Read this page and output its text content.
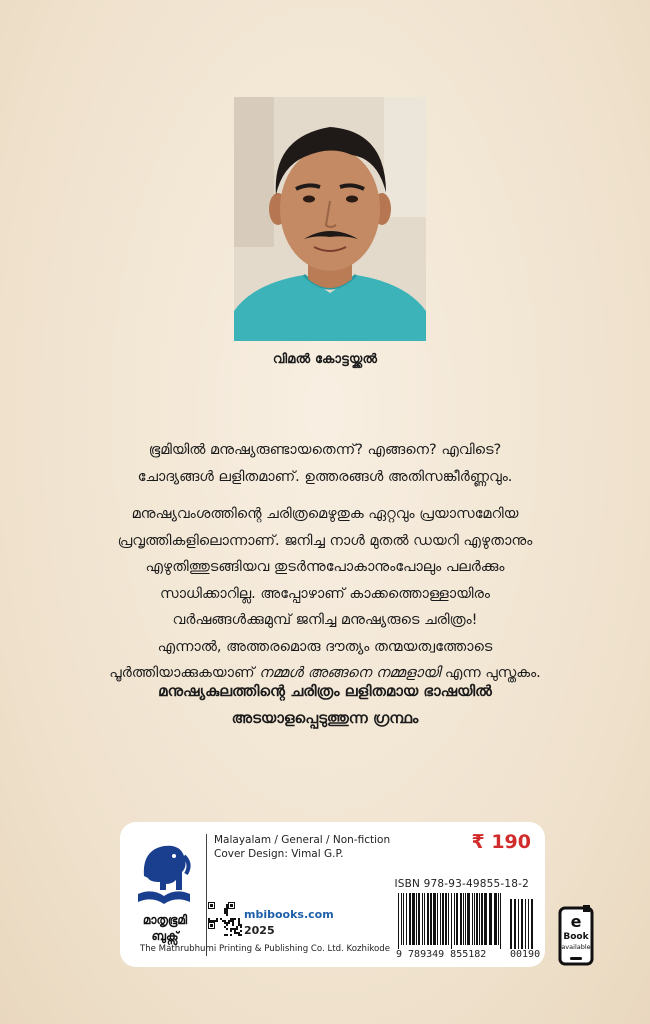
വിമൽ കോട്ടയ്ക്കൽ

ഭൂമിയിൽ മനുഷ്യരുണ്ടായതെന്ന്? എങ്ങനെ? എവിടെ?
ചോദ്യങ്ങൾ ലളിതമാണ്. ഉത്തരങ്ങൾ അതിസങ്കീർണ്ണവും.

മനുഷ്യവംശത്തിന്റെ ചരിത്രമെഴുതുക ഏറ്റവും പ്രയാസമേറിയ
പ്രവൃത്തികളിലൊന്നാണ്. ജനിച്ച നാൾ മുതൽ ഡയറി എഴുതാനും
എഴുതിത്തുടങ്ങിയവ തുടർന്നുപോകാനുംപോലും പലർക്കും
സാധിക്കാറില്ല. അപ്പോഴാണ് കാക്കത്തൊള്ളായിരം
വർഷങ്ങൾക്കുമുമ്പ് ജനിച്ച മനുഷ്യരുടെ ചരിത്രം!
എന്നാൽ, അത്തരമൊരു ദൗത്യം തന്മയത്വത്തോടെ
പൂർത്തിയാക്കുകയാണ് നമ്മൾ അങ്ങനെ നമ്മളായി എന്ന പുസ്തകം.

മനുഷ്യകുലത്തിന്റെ ചരിത്രം ലളിതമായ ഭാഷയിൽ
അടയാളപ്പെടുത്തുന്ന ഗ്രന്ഥം

മാതൃഭൂമി
ബുക്സ്
Malayalam / General / Non-fiction
Cover Design: Vimal G.P.
₹ 190
ISBN 978-93-49855-18-2
9 789349 855182 00190
mbibooks.com
2025
The Mathrubhumi Printing & Publishing Co. Ltd. Kozhikode
e
Book
available
